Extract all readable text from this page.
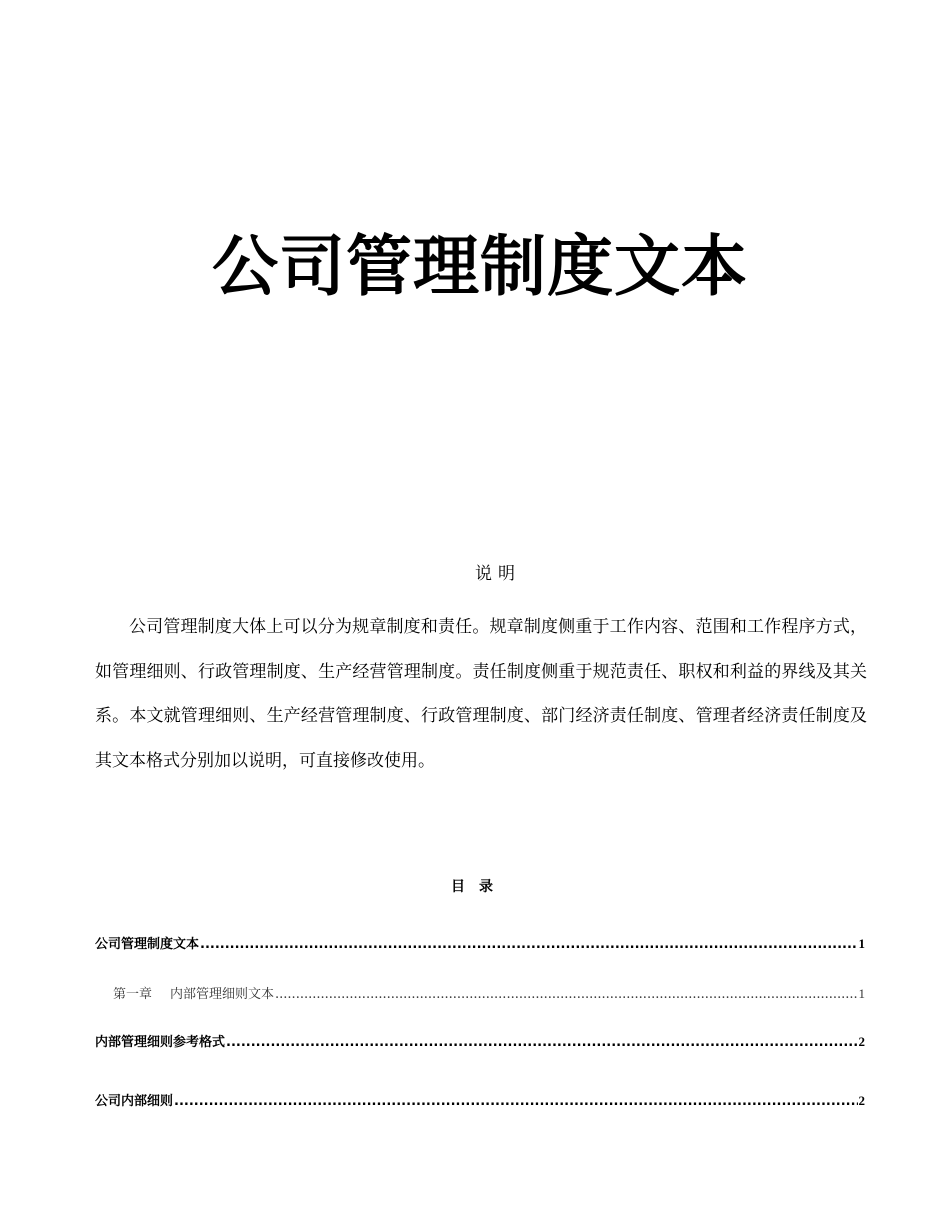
公司管理制度文本
说明

公司管理制度大体上可以分为规章制度和责任。规章制度侧重于工作内容、范围和工作程序方式，如管理细则、行政管理制度、生产经营管理制度。责任制度侧重于规范责任、职权和利益的界线及其关系。本文就管理细则、生产经营管理制度、行政管理制度、部门经济责任制度、管理者经济责任制度及其文本格式分别加以说明，可直接修改使用。

目录
公司管理制度文本 .....	1
第一章 内部管理细则文本 .....	1
内部管理细则参考格式 .....	2
公司内部细则 .....	2
